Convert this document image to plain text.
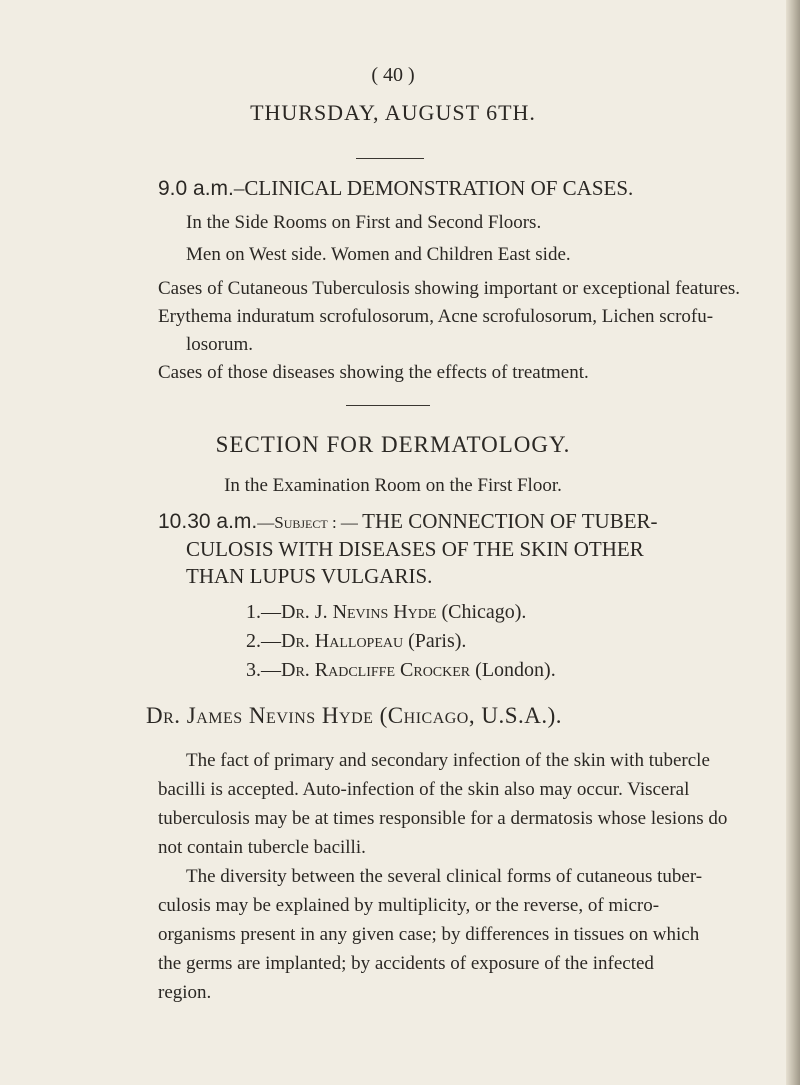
( 40 )
THURSDAY, AUGUST 6TH.
9.0 a.m.–CLINICAL DEMONSTRATION OF CASES.
In the Side Rooms on First and Second Floors.
Men on West side. Women and Children East side.
Cases of Cutaneous Tuberculosis showing important or exceptional features.
Erythema induratum scrofulosorum, Acne scrofulosorum, Lichen scrofu-
losorum.
Cases of those diseases showing the effects of treatment.
SECTION FOR DERMATOLOGY.
In the Examination Room on the First Floor.
10.30 a.m.—Subject : — THE CONNECTION OF TUBER-
CULOSIS WITH DISEASES OF THE SKIN OTHER
THAN LUPUS VULGARIS.
1.—Dr. J. Nevins Hyde (Chicago).
2.—Dr. Hallopeau (Paris).
3.—Dr. Radcliffe Crocker (London).
Dr. James Nevins Hyde (Chicago, U.S.A.).
The fact of primary and secondary infection of the skin with tubercle
bacilli is accepted. Auto-infection of the skin also may occur. Visceral
tuberculosis may be at times responsible for a dermatosis whose lesions do
not contain tubercle bacilli.
The diversity between the several clinical forms of cutaneous tuber-
culosis may be explained by multiplicity, or the reverse, of micro-
organisms present in any given case; by differences in tissues on which
the germs are implanted; by accidents of exposure of the infected
region.
